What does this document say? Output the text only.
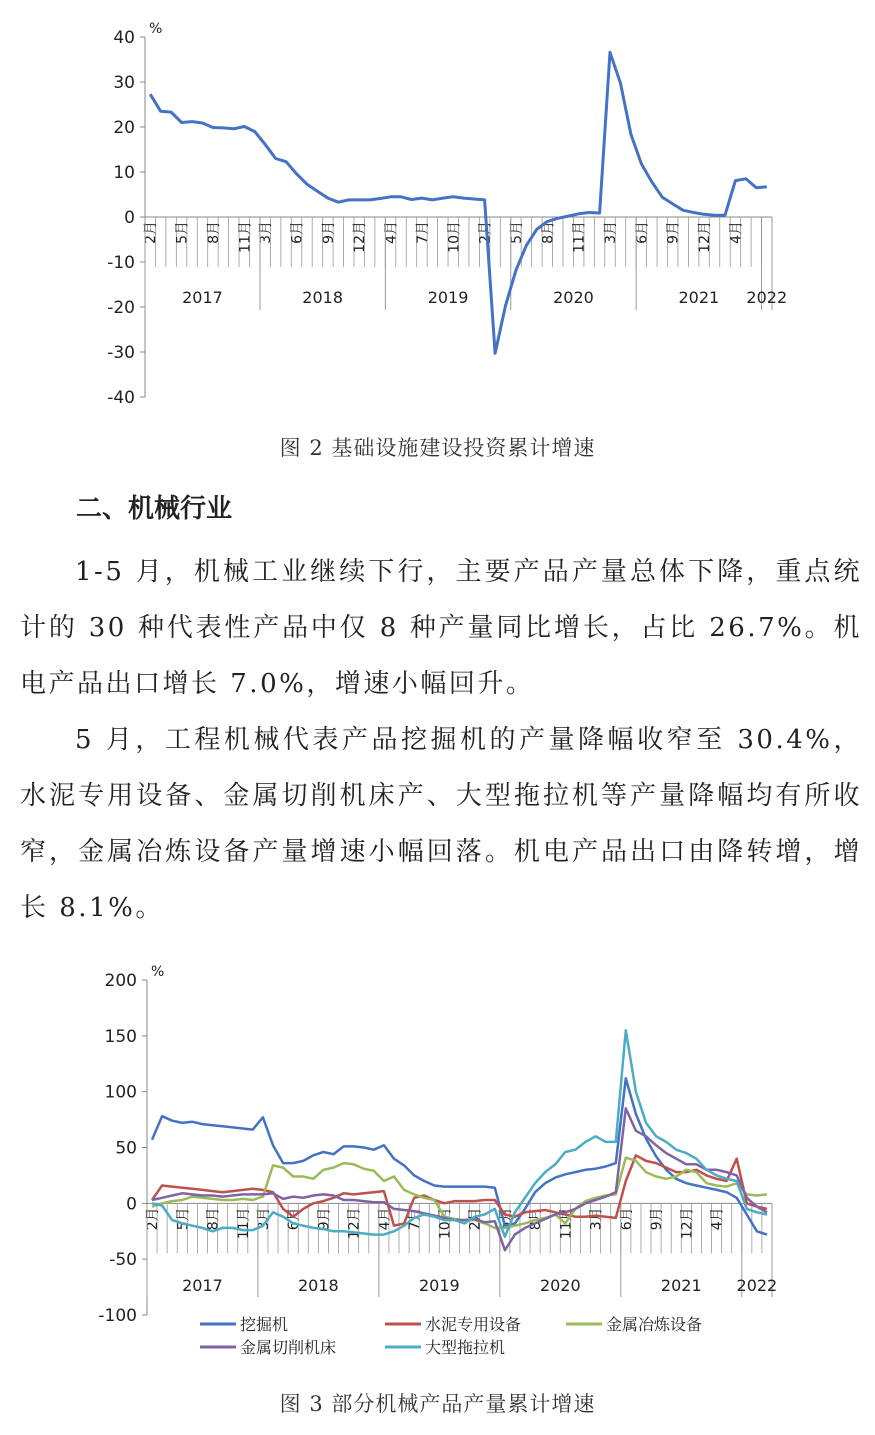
40
30
20
10
0
-10
-20
-30
-40
%
2月 5月 8月 11月 3月 6月 9月 12月 4月 7月 10月 2月 5月 8月 11月 3月 6月 9月 12月 4月
2017	2018	2019	2020	2021 2022
图 2 基础设施建设投资累计增速
二、机械行业
1-5 月，机械工业继续下行，主要产品产量总体下降，重点统计的 30 种代表性产品中仅 8 种产量同比增长，占比 26.7%。机电产品出口增长 7.0%，增速小幅回升。
5 月，工程机械代表产品挖掘机的产量降幅收窄至 30.4%，水泥专用设备、金属切削机床产、大型拖拉机等产量降幅均有所收窄，金属冶炼设备产量增速小幅回落。机电产品出口由降转增，增长 8.1%。
200
150
100
50
0
-50
-100
%
2月 5月 8月 11月 3月 6月 9月 12月 4月 7月 10月 2月 5月 8月 11月 3月 6月 9月 12月 4月
2017	2018	2019	2020	2021 2022
挖掘机	水泥专用设备	金属冶炼设备
金属切削机床	大型拖拉机
图 3 部分机械产品产量累计增速
